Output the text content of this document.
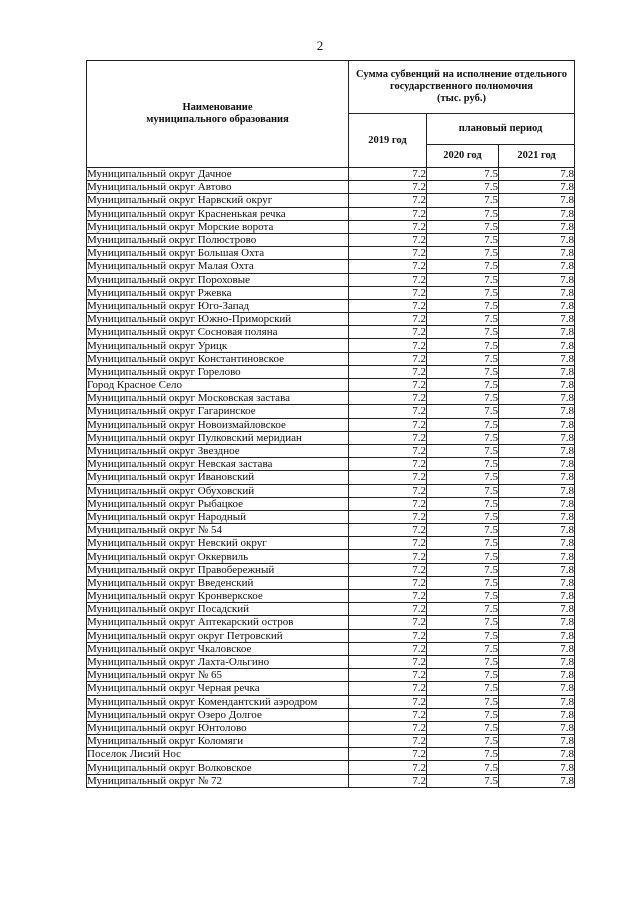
2
Наименование
муниципального образования	Сумма субвенций на исполнение отдельного государственного полномочия
(тыс. руб.)		
	2019 год	плановый период	
		2020 год	2021 год
Муниципальный округ Дачное	7.2	7.5	7.8
Муниципальный округ Автово	7.2	7.5	7.8
Муниципальный округ Нарвский округ	7.2	7.5	7.8
Муниципальный округ Красненькая речка	7.2	7.5	7.8
Муниципальный округ Морские ворота	7.2	7.5	7.8
Муниципальный округ Полюстрово	7.2	7.5	7.8
Муниципальный округ Большая Охта	7.2	7.5	7.8
Муниципальный округ Малая Охта	7.2	7.5	7.8
Муниципальный округ Пороховые	7.2	7.5	7.8
Муниципальный округ Ржевка	7.2	7.5	7.8
Муниципальный округ Юго-Запад	7.2	7.5	7.8
Муниципальный округ Южно-Приморский	7.2	7.5	7.8
Муниципальный округ Сосновая поляна	7.2	7.5	7.8
Муниципальный округ Урицк	7.2	7.5	7.8
Муниципальный округ Константиновское	7.2	7.5	7.8
Муниципальный округ Горелово	7.2	7.5	7.8
Город Красное Село	7.2	7.5	7.8
Муниципальный округ Московская застава	7.2	7.5	7.8
Муниципальный округ Гагаринское	7.2	7.5	7.8
Муниципальный округ Новоизмайловское	7.2	7.5	7.8
Муниципальный округ Пулковский меридиан	7.2	7.5	7.8
Муниципальный округ Звездное	7.2	7.5	7.8
Муниципальный округ Невская застава	7.2	7.5	7.8
Муниципальный округ Ивановский	7.2	7.5	7.8
Муниципальный округ Обуховский	7.2	7.5	7.8
Муниципальный округ Рыбацкое	7.2	7.5	7.8
Муниципальный округ Народный	7.2	7.5	7.8
Муниципальный округ № 54	7.2	7.5	7.8
Муниципальный округ Невский округ	7.2	7.5	7.8
Муниципальный округ Оккервиль	7.2	7.5	7.8
Муниципальный округ Правобережный	7.2	7.5	7.8
Муниципальный округ Введенский	7.2	7.5	7.8
Муниципальный округ Кронверкское	7.2	7.5	7.8
Муниципальный округ Посадский	7.2	7.5	7.8
Муниципальный округ Аптекарский остров	7.2	7.5	7.8
Муниципальный округ округ Петровский	7.2	7.5	7.8
Муниципальный округ Чкаловское	7.2	7.5	7.8
Муниципальный округ Лахта-Ольгино	7.2	7.5	7.8
Муниципальный округ № 65	7.2	7.5	7.8
Муниципальный округ Черная речка	7.2	7.5	7.8
Муниципальный округ Комендантский аэродром	7.2	7.5	7.8
Муниципальный округ Озеро Долгое	7.2	7.5	7.8
Муниципальный округ Юнтолово	7.2	7.5	7.8
Муниципальный округ Коломяги	7.2	7.5	7.8
Поселок Лисий Нос	7.2	7.5	7.8
Муниципальный округ Волковское	7.2	7.5	7.8
Муниципальный округ № 72	7.2	7.5	7.8
